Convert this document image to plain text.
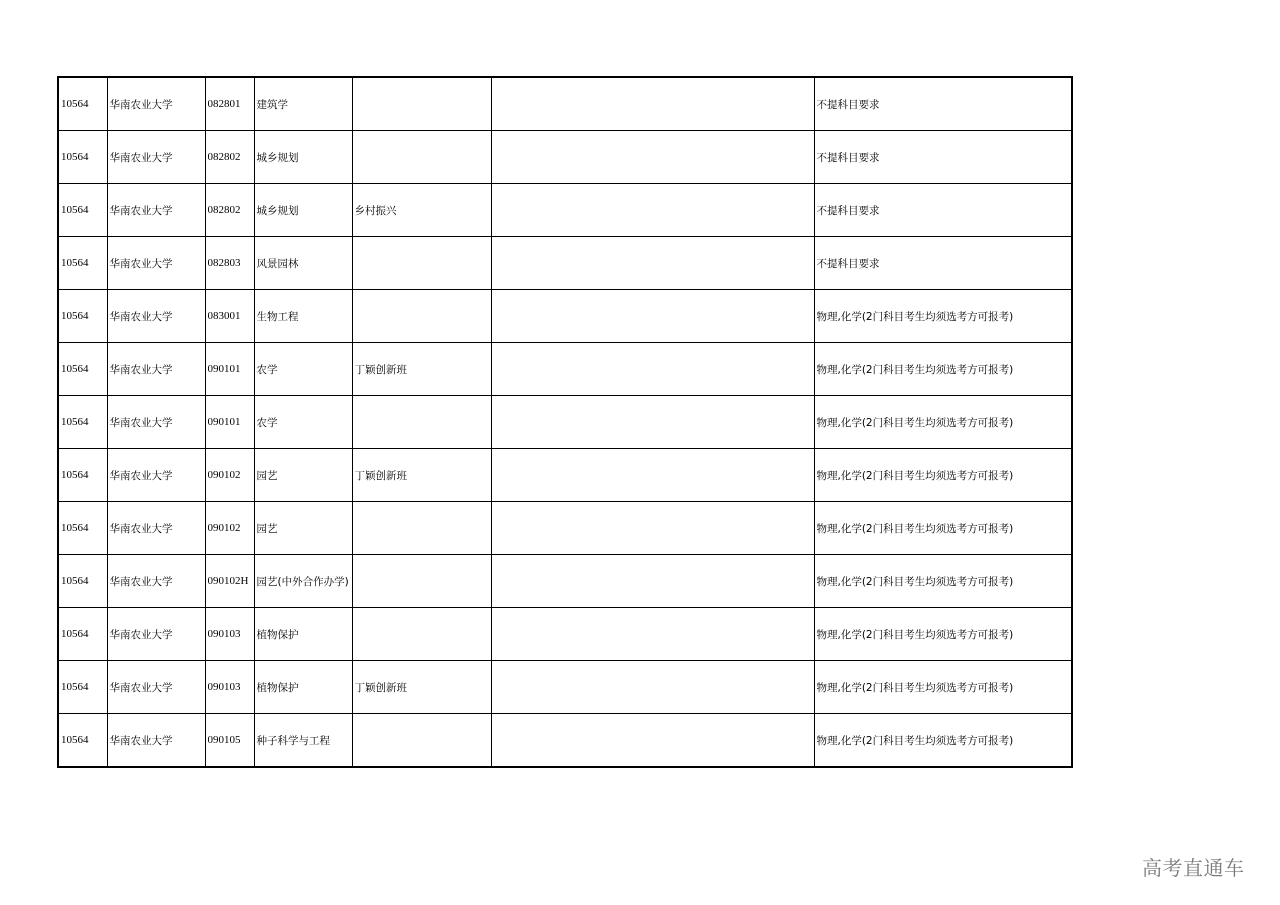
10564	华南农业大学	082801	建筑学			不提科目要求
10564	华南农业大学	082802	城乡规划			不提科目要求
10564	华南农业大学	082802	城乡规划	乡村振兴		不提科目要求
10564	华南农业大学	082803	风景园林			不提科目要求
10564	华南农业大学	083001	生物工程			物理,化学(2门科目考生均须选考方可报考)
10564	华南农业大学	090101	农学	丁颖创新班		物理,化学(2门科目考生均须选考方可报考)
10564	华南农业大学	090101	农学			物理,化学(2门科目考生均须选考方可报考)
10564	华南农业大学	090102	园艺	丁颖创新班		物理,化学(2门科目考生均须选考方可报考)
10564	华南农业大学	090102	园艺			物理,化学(2门科目考生均须选考方可报考)
10564	华南农业大学	090102H	园艺(中外合作办学)			物理,化学(2门科目考生均须选考方可报考)
10564	华南农业大学	090103	植物保护			物理,化学(2门科目考生均须选考方可报考)
10564	华南农业大学	090103	植物保护	丁颖创新班		物理,化学(2门科目考生均须选考方可报考)
10564	华南农业大学	090105	种子科学与工程			物理,化学(2门科目考生均须选考方可报考)
高考直通车
